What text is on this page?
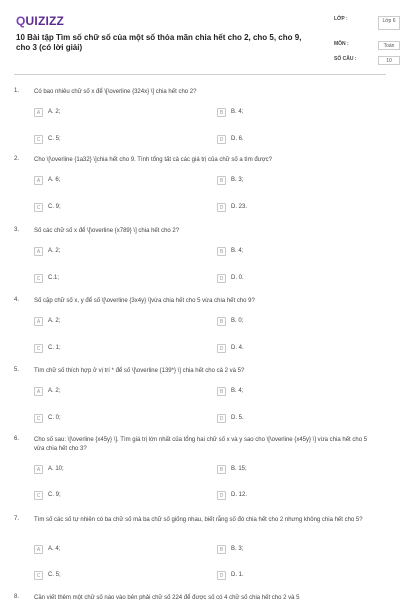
QUIZIZZ
10 Bài tập Tìm số chữ số của một số thỏa mãn chia hết cho 2, cho 5, cho 9, cho 3 (có lời giải)
LỚP :	Lớp 6
MÔN :	Toán
SỐ CÂU :	10
1. Có bao nhiêu chữ số x để \[\overline {324x} \] chia hết cho 2?
A	A. 2;	B	B. 4;
C	C. 5;	D	D. 6.
2. Cho \[\overline {1a32} \]chia hết cho 9. Tính tổng tất cả các giá trị của chữ số a tìm được?
A	A. 6;	B	B. 3;
C	C. 9;	D	D. 23.
3. Số các chữ số x để \[\overline {x789} \] chia hết cho 2?
A	A. 2;	B	B. 4;
C	C.1;	D	D. 0.
4. Số cặp chữ số x, y để số \[\overline {3x4y} \]vừa chia hết cho 5 vừa chia hết cho 9?
A	A. 2;	B	B. 0;
C	C. 1;	D	D. 4.
5. Tìm chữ số thích hợp ở vị trí * để số \[\overline {139*} \] chia hết cho cả 2 và 5?
A	A. 2;	B	B. 4;
C	C. 0;	D	D. 5.
6. Cho số sau: \[\overline {x45y} \]. Tìm giá trị lớn nhất của tổng hai chữ số x và y sao cho \[\overline {x45y} \] vừa chia hết cho 5 vừa chia hết cho 3?
A	A. 10;	B	B. 15;
C	C. 9;	D	D. 12.
7. Tìm số các số tự nhiên có ba chữ số mà ba chữ số giống nhau, biết rằng số đó chia hết cho 2 nhưng không chia hết cho 5?
A	A. 4;	B	B. 3;
C	C. 5;	D	D. 1.
8. Cần viết thêm một chữ số nào vào bên phải chữ số 224 để được số có 4 chữ số chia hết cho 2 và 5
